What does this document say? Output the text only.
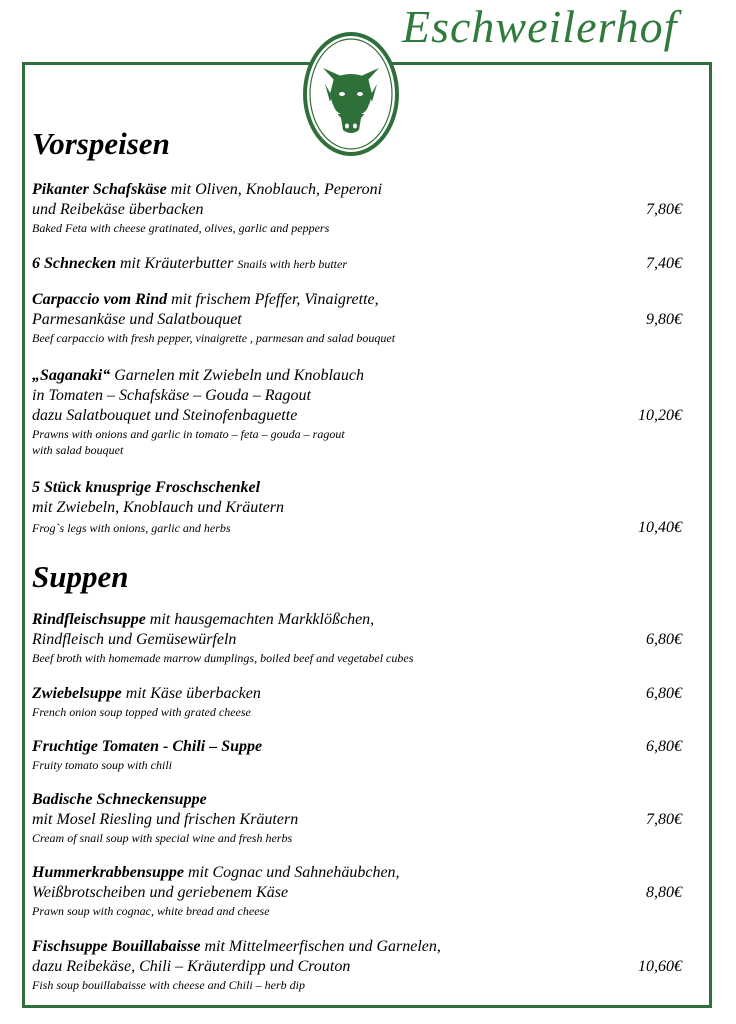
Eschweilerhof
Vorspeisen
Pikanter Schafskäse mit Oliven, Knoblauch, Peperoni
und Reibekäse überbacken
Baked Feta with cheese gratinated, olives, garlic and peppers
7,80€
6 Schnecken mit Kräuterbutter Snails with herb butter	7,40€
Carpaccio vom Rind mit frischem Pfeffer, Vinaigrette,
Parmesankäse und Salatbouquet
Beef carpaccio with fresh pepper, vinaigrette , parmesan and salad bouquet
9,80€
„Saganaki“ Garnelen mit Zwiebeln und Knoblauch
in Tomaten – Schafskäse – Gouda – Ragout
dazu Salatbouquet und Steinofenbaguette
Prawns with onions and garlic in tomato – feta – gouda – ragout
with salad bouquet
10,20€
5 Stück knusprige Froschschenkel
mit Zwiebeln, Knoblauch und Kräutern
Frog`s legs with onions, garlic and herbs	10,40€
Suppen
Rindfleischsuppe mit hausgemachten Markklößchen,
Rindfleisch und Gemüsewürfeln
Beef broth with homemade marrow dumplings, boiled beef and vegetabel cubes
6,80€
Zwiebelsuppe mit Käse überbacken
French onion soup topped with grated cheese
6,80€
Fruchtige Tomaten - Chili – Suppe
Fruity tomato soup with chili
6,80€
Badische Schneckensuppe
mit Mosel Riesling und frischen Kräutern
Cream of snail soup with special wine and fresh herbs
7,80€
Hummerkrabbensuppe mit Cognac und Sahnehäubchen,
Weißbrotscheiben und geriebenem Käse
Prawn soup with cognac, white bread and cheese
8,80€
Fischsuppe Bouillabaisse mit Mittelmeerfischen und Garnelen,
dazu Reibekäse, Chili – Kräuterdipp und Crouton
Fish soup bouillabaisse with cheese and Chili – herb dip
10,60€
